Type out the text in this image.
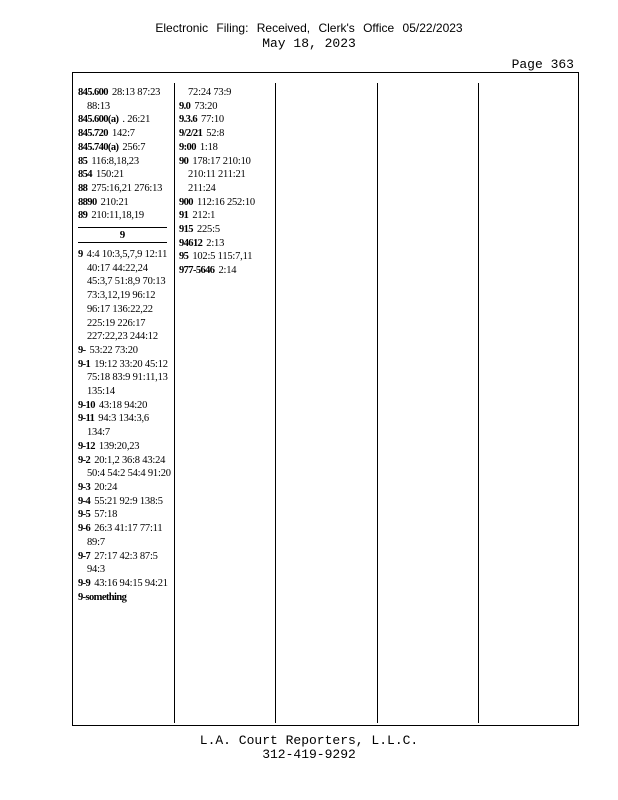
Electronic Filing: Received, Clerk's Office 05/22/2023
May 18, 2023
Page 363
845.600 28:13 87:23 88:13
845.600(a) . 26:21
845.720 142:7
845.740(a) 256:7
85 116:8,18,23
854 150:21
88 275:16,21 276:13
8890 210:21
89 210:11,18,19
9
9 4:4 10:3,5,7,9 12:11 40:17 44:22,24 45:3,7 51:8,9 70:13 73:3,12,19 96:12 96:17 136:22,22 225:19 226:17 227:22,23 244:12
9- 53:22 73:20
9-1 19:12 33:20 45:12 75:18 83:9 91:11,13 135:14
9-10 43:18 94:20
9-11 94:3 134:3,6 134:7
9-12 139:20,23
9-2 20:1,2 36:8 43:24 50:4 54:2 54:4 91:20
9-3 20:24
9-4 55:21 92:9 138:5
9-5 57:18
9-6 26:3 41:17 77:11 89:7
9-7 27:17 42:3 87:5 94:3
9-9 43:16 94:15 94:21
9-something
72:24 73:9
9.0 73:20
9.3.6 77:10
9/2/21 52:8
9:00 1:18
90 178:17 210:10 210:11 211:21 211:24
900 112:16 252:10
91 212:1
915 225:5
94612 2:13
95 102:5 115:7,11
977-5646 2:14
L.A. Court Reporters, L.L.C.
312-419-9292
